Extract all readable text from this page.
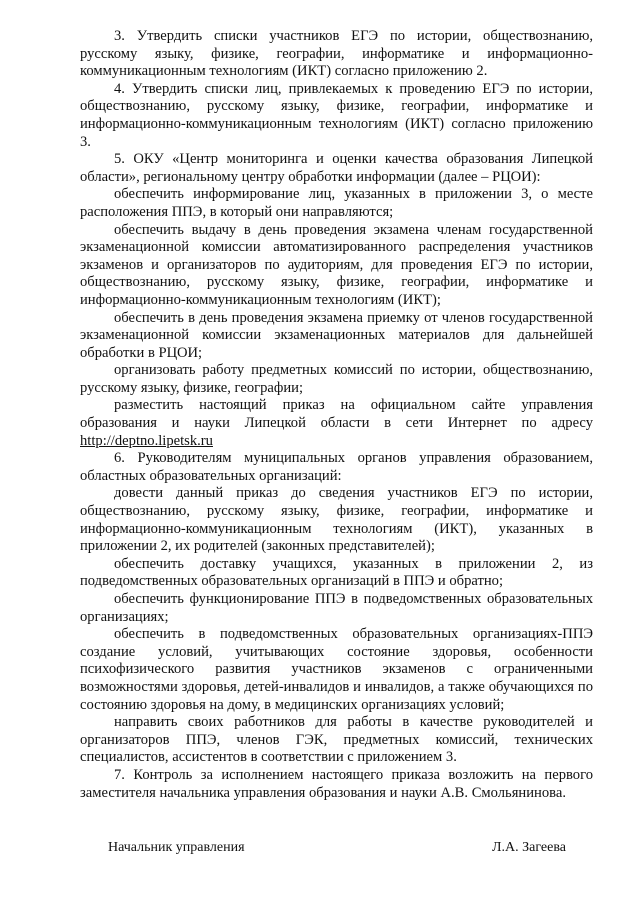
3. Утвердить списки участников ЕГЭ по истории, обществознанию, русскому языку, физике, географии, информатике и информационно-коммуникационным технологиям (ИКТ) согласно приложению 2.

4. Утвердить списки лиц, привлекаемых к проведению ЕГЭ по истории, обществознанию, русскому языку, физике, географии, информатике и информационно-коммуникационным технологиям (ИКТ) согласно приложению 3.

5. ОКУ «Центр мониторинга и оценки качества образования Липецкой области», региональному центру обработки информации (далее – РЦОИ):

обеспечить информирование лиц, указанных в приложении 3, о месте расположения ППЭ, в который они направляются;

обеспечить выдачу в день проведения экзамена членам государственной экзаменационной комиссии автоматизированного распределения участников экзаменов и организаторов по аудиториям, для проведения ЕГЭ по истории, обществознанию, русскому языку, физике, географии, информатике и информационно-коммуникационным технологиям (ИКТ);

обеспечить в день проведения экзамена приемку от членов государственной экзаменационной комиссии экзаменационных материалов для дальнейшей обработки в РЦОИ;

организовать работу предметных комиссий по истории, обществознанию, русскому языку, физике, географии;

разместить настоящий приказ на официальном сайте управления образования и науки Липецкой области в сети Интернет по адресу http://deptno.lipetsk.ru

6. Руководителям муниципальных органов управления образованием, областных образовательных организаций:

довести данный приказ до сведения участников ЕГЭ по истории, обществознанию, русскому языку, физике, географии, информатике и информационно-коммуникационным технологиям (ИКТ), указанных в приложении 2, их родителей (законных представителей);

обеспечить доставку учащихся, указанных в приложении 2, из подведомственных образовательных организаций в ППЭ и обратно;

обеспечить функционирование ППЭ в подведомственных образовательных организациях;

обеспечить в подведомственных образовательных организациях-ППЭ создание условий, учитывающих состояние здоровья, особенности психофизического развития участников экзаменов с ограниченными возможностями здоровья, детей-инвалидов и инвалидов, а также обучающихся по состоянию здоровья на дому, в медицинских организациях условий;

направить своих работников для работы в качестве руководителей и организаторов ППЭ, членов ГЭК, предметных комиссий, технических специалистов, ассистентов в соответствии с приложением 3.

7. Контроль за исполнением настоящего приказа возложить на первого заместителя начальника управления образования и науки А.В. Смольянинова.

Начальник управления	Л.А. Загеева
